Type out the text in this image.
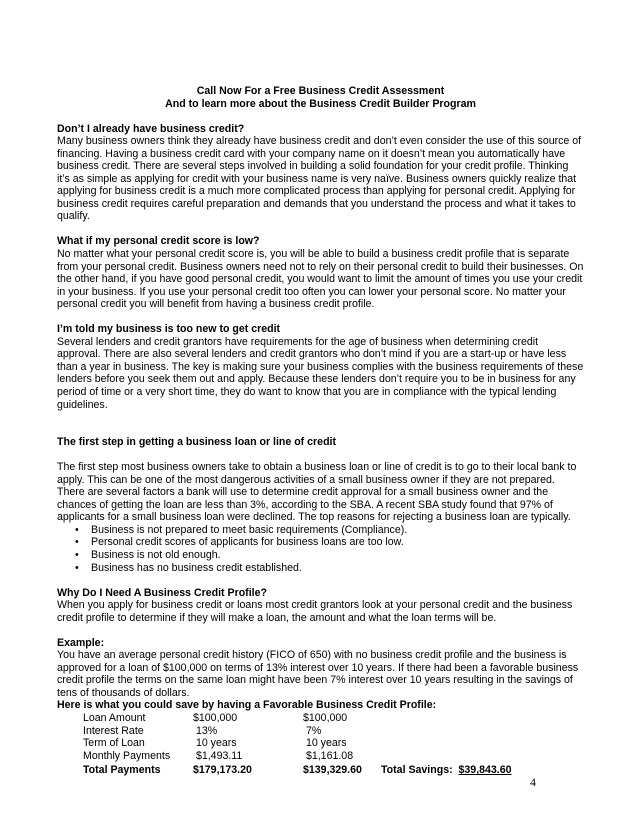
Call Now For a Free Business Credit Assessment

And to learn more about the Business Credit Builder Program

Don’t I already have business credit?

Many business owners think they already have business credit and don’t even consider the use of this source of financing. Having a business credit card with your company name on it doesn’t mean you automatically have business credit. There are several steps involved in building a solid foundation for your credit profile. Thinking it’s as simple as applying for credit with your business name is very naïve. Business owners quickly realize that applying for business credit is a much more complicated process than applying for personal credit. Applying for business credit requires careful preparation and demands that you understand the process and what it takes to qualify.

What if my personal credit score is low?

No matter what your personal credit score is, you will be able to build a business credit profile that is separate from your personal credit. Business owners need not to rely on their personal credit to build their businesses. On the other hand, if you have good personal credit, you would want to limit the amount of times you use your credit in your business. If you use your personal credit too often you can lower your personal score. No matter your personal credit you will benefit from having a business credit profile.

I’m told my business is too new to get credit

Several lenders and credit grantors have requirements for the age of business when determining credit approval. There are also several lenders and credit grantors who don’t mind if you are a start-up or have less than a year in business. The key is making sure your business complies with the business requirements of these lenders before you seek them out and apply. Because these lenders don’t require you to be in business for any period of time or a very short time, they do want to know that you are in compliance with the typical lending guidelines.

The first step in getting a business loan or line of credit

The first step most business owners take to obtain a business loan or line of credit is to go to their local bank to apply. This can be one of the most dangerous activities of a small business owner if they are not prepared. There are several factors a bank will use to determine credit approval for a small business owner and the chances of getting the loan are less than 3%, according to the SBA. A recent SBA study found that 97% of applicants for a small business loan were declined. The top reasons for rejecting a business loan are typically.

• Business is not prepared to meet basic requirements (Compliance).
• Personal credit scores of applicants for business loans are too low.
• Business is not old enough.
• Business has no business credit established.

Why Do I Need A Business Credit Profile?

When you apply for business credit or loans most credit grantors look at your personal credit and the business credit profile to determine if they will make a loan, the amount and what the loan terms will be.

Example:

You have an average personal credit history (FICO of 650) with no business credit profile and the business is approved for a loan of $100,000 on terms of 13% interest over 10 years. If there had been a favorable business credit profile the terms on the same loan might have been 7% interest over 10 years resulting in the savings of tens of thousands of dollars.

Here is what you could save by having a Favorable Business Credit Profile:

Loan Amount	$100,000	$100,000	
Interest Rate	13%	7%	
Term of Loan	10 years	10 years	
Monthly Payments	$1,493.11	$1,161.08	
Total Payments	$179,173.20	$139,329.60	Total Savings: $39,843.60
4
